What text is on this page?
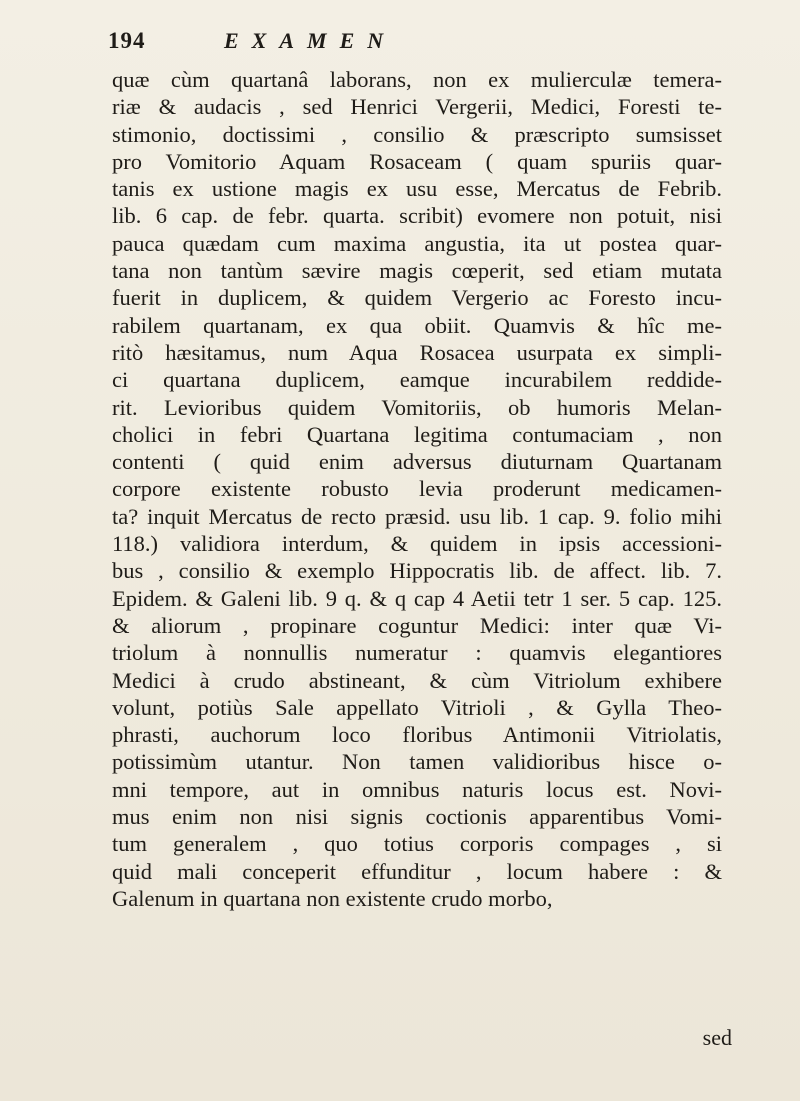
194	EXAMEN
quæ cùm quartanâ laborans, non ex mulierculæ temera-
riæ & audacis , sed Henrici Vergerii, Medici, Foresti te-
stimonio, doctissimi , consilio & præscripto sumsisset
pro Vomitorio Aquam Rosaceam ( quam spuriis quar-
tanis ex ustione magis ex usu esse, Mercatus de Febrib.
lib. 6 cap. de febr. quarta. scribit) evomere non potuit, nisi
pauca quædam cum maxima angustia, ita ut postea quar-
tana non tantùm sævire magis cœperit, sed etiam mutata
fuerit in duplicem, & quidem Vergerio ac Foresto incu-
rabilem quartanam, ex qua obiit. Quamvis & hîc me-
ritò hæsitamus, num Aqua Rosacea usurpata ex simpli-
ci quartana duplicem, eamque incurabilem reddide-
rit. Levioribus quidem Vomitoriis, ob humoris Melan-
cholici in febri Quartana legitima contumaciam , non
contenti ( quid enim adversus diuturnam Quartanam
corpore existente robusto levia proderunt medicamen-
ta? inquit Mercatus de recto præsid. usu lib. 1 cap. 9. folio mihi
118.) validiora interdum, & quidem in ipsis accessioni-
bus , consilio & exemplo Hippocratis lib. de affect. lib. 7.
Epidem. & Galeni lib. 9 q. & q cap 4 Aetii tetr 1 ser. 5 cap. 125.
& aliorum , propinare coguntur Medici: inter quæ Vi-
triolum à nonnullis numeratur : quamvis elegantiores
Medici à crudo abstineant, & cùm Vitriolum exhibere
volunt, potiùs Sale appellato Vitrioli , & Gylla Theo-
phrasti, auchorum loco floribus Antimonii Vitriolatis,
potissimùm utantur. Non tamen validioribus hisce o-
mni tempore, aut in omnibus naturis locus est. Novi-
mus enim non nisi signis coctionis apparentibus Vomi-
tum generalem , quo totius corporis compages , si
quid mali conceperit effunditur , locum habere : &
Galenum in quartana non existente crudo morbo,
sed
